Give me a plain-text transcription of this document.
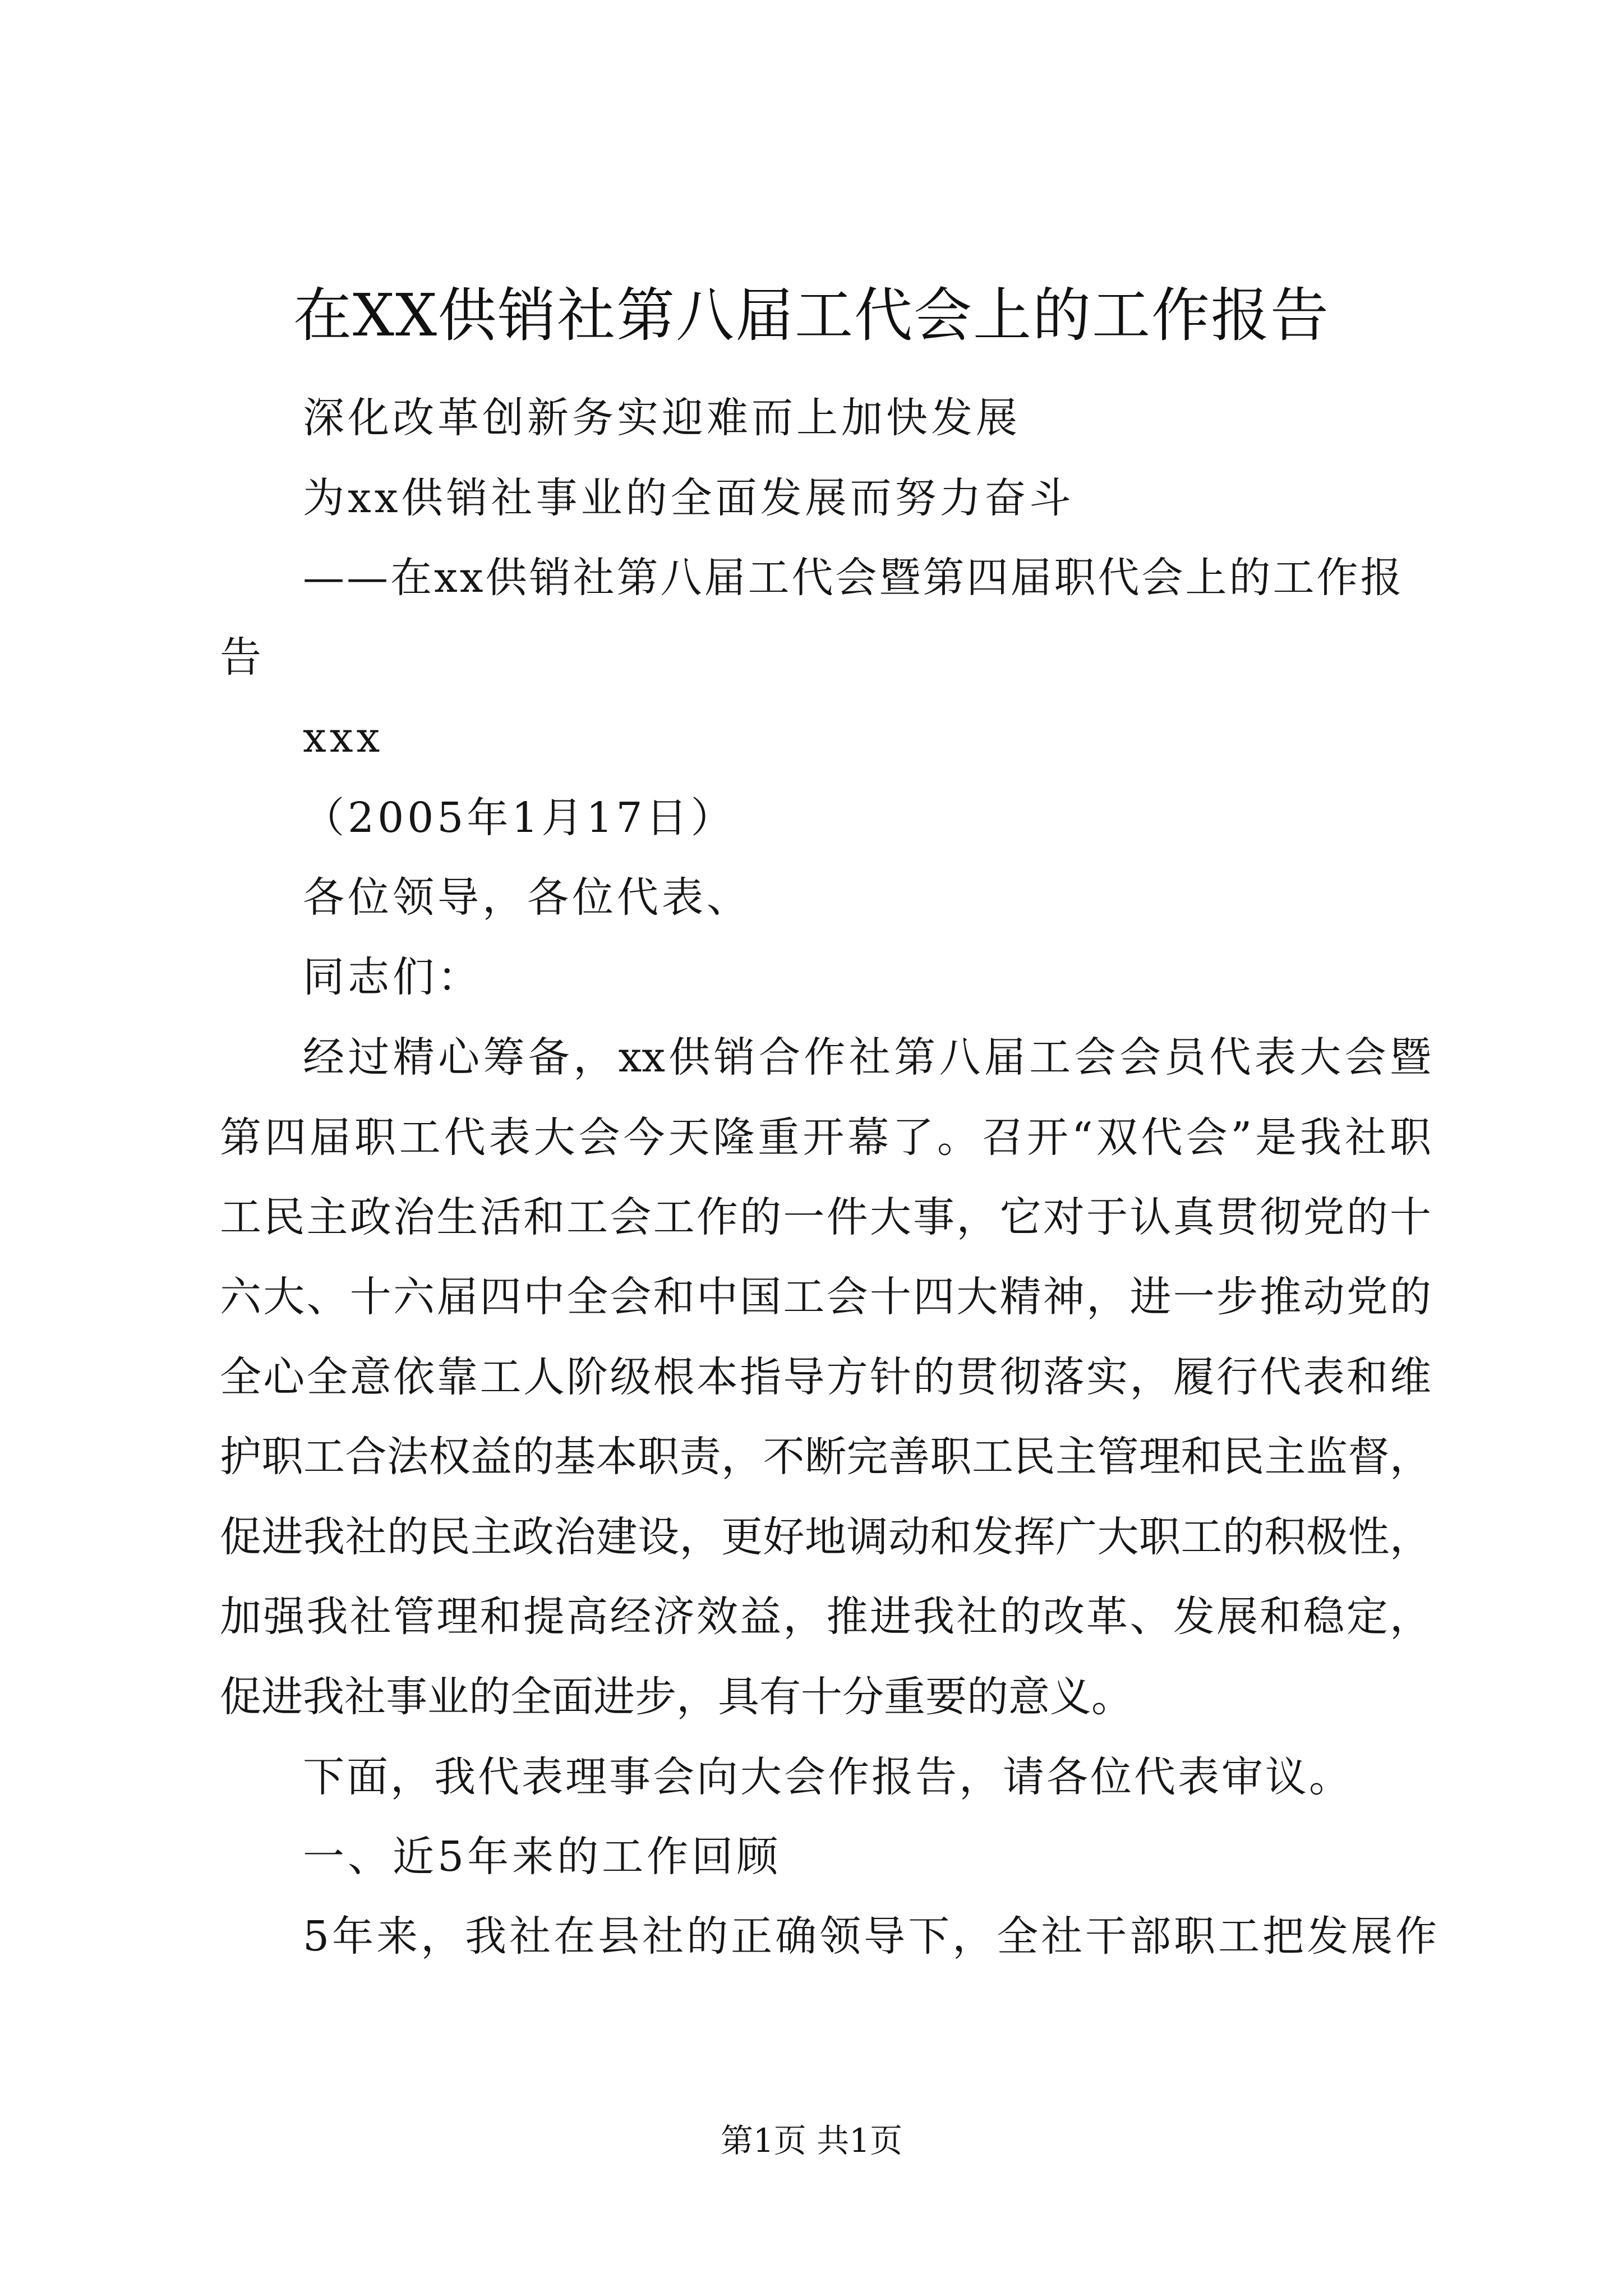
在XX供销社第八届工代会上的工作报告
深化改革创新务实迎难而上加快发展
为xx供销社事业的全面发展而努力奋斗
——在xx供销社第八届工代会暨第四届职代会上的工作报
告
xxx
（2005年1月17日）
各位领导，各位代表、
同志们：
经过精心筹备，xx供销合作社第八届工会会员代表大会暨
第四届职工代表大会今天隆重开幕了。召开“双代会”是我社职
工民主政治生活和工会工作的一件大事，它对于认真贯彻党的十
六大、十六届四中全会和中国工会十四大精神，进一步推动党的
全心全意依靠工人阶级根本指导方针的贯彻落实，履行代表和维
护职工合法权益的基本职责，不断完善职工民主管理和民主监督，
促进我社的民主政治建设，更好地调动和发挥广大职工的积极性，
加强我社管理和提高经济效益，推进我社的改革、发展和稳定，
促进我社事业的全面进步，具有十分重要的意义。
下面，我代表理事会向大会作报告，请各位代表审议。
一、近5年来的工作回顾
5年来，我社在县社的正确领导下，全社干部职工把发展作
第1页 共1页
